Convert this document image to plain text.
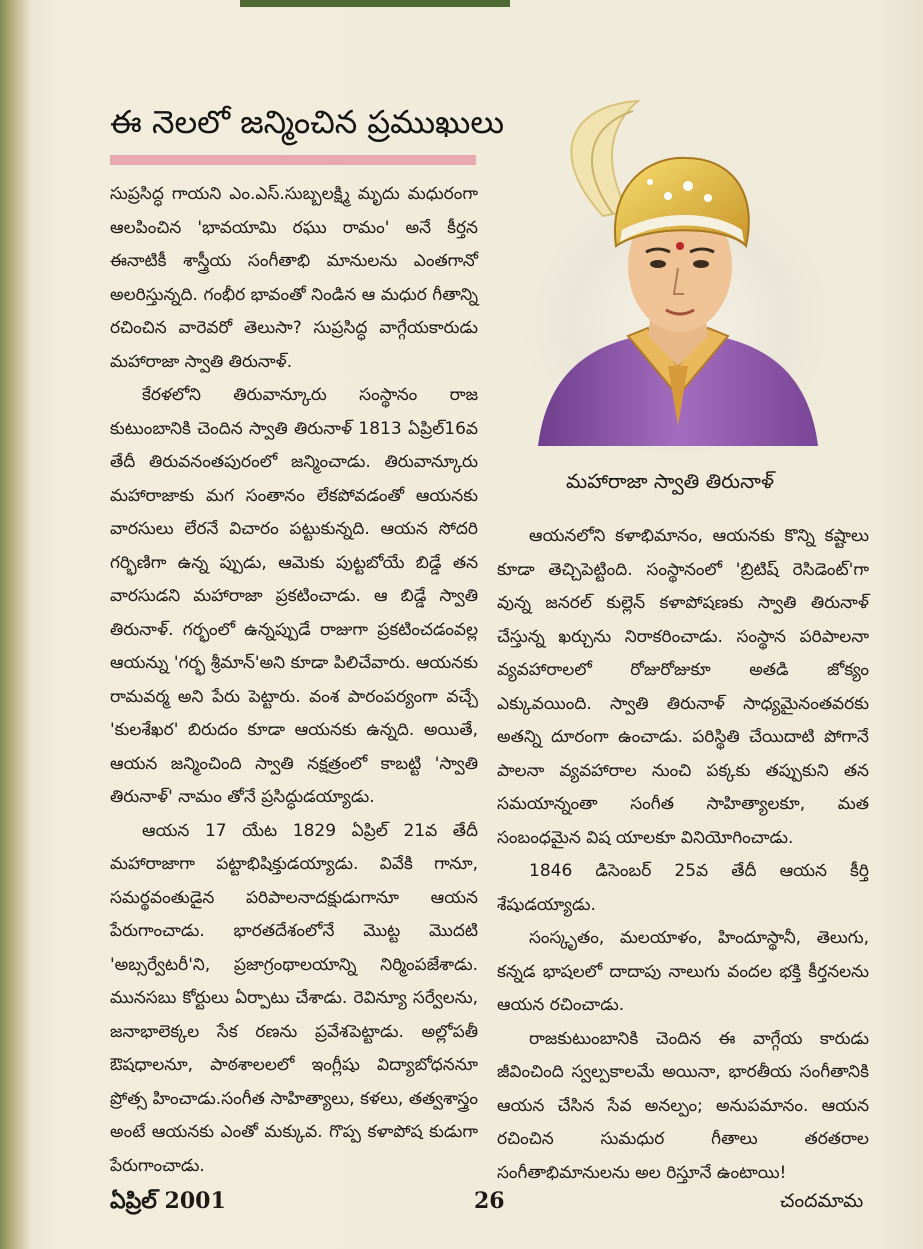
ఈ నెలలో జన్మించిన ప్రముఖులు

సుప్రసిద్ధ గాయని ఎం.ఎస్.సుబ్బలక్ష్మి మృదు మధురంగా ఆలపించిన 'భావయామి రఘు రామం' అనే కీర్తన ఈనాటికీ శాస్త్రీయ సంగీతాభి మానులను ఎంతగానో అలరిస్తున్నది. గంభీర భావంతో నిండిన ఆ మధుర గీతాన్ని రచించిన వారెవరో తెలుసా? సుప్రసిద్ధ వాగ్గేయకారుడు మహారాజా స్వాతి తిరునాళ్.

కేరళలోని తిరువాన్కూరు సంస్థానం రాజ కుటుంబానికి చెందిన స్వాతి తిరునాళ్ 1813 ఏప్రిల్16వ తేదీ తిరువనంతపురంలో జన్మించాడు. తిరువాన్కూరు మహారాజాకు మగ సంతానం లేకపోవడంతో ఆయనకు వారసులు లేరనే విచారం పట్టుకున్నది. ఆయన సోదరి గర్భిణిగా ఉన్న ప్పుడు, ఆమెకు పుట్టబోయే బిడ్డే తన వారసుడని మహారాజా ప్రకటించాడు. ఆ బిడ్డే స్వాతి తిరునాళ్. గర్భంలో ఉన్నప్పుడే రాజుగా ప్రకటించడంవల్ల ఆయన్ను 'గర్భ శ్రీమాన్'అని కూడా పిలిచేవారు. ఆయనకు రామవర్మ అని పేరు పెట్టారు. వంశ పారంపర్యంగా వచ్చే 'కులశేఖర' బిరుదం కూడా ఆయనకు ఉన్నది. అయితే, ఆయన జన్మించింది స్వాతి నక్షత్రంలో కాబట్టి 'స్వాతి తిరునాళ్' నామం తోనే ప్రసిద్ధుడయ్యాడు.

ఆయన 17 యేట 1829 ఏప్రిల్ 21వ తేదీ మహారాజాగా పట్టాభిషిక్తుడయ్యాడు. వివేకి గానూ, సమర్థవంతుడైన పరిపాలనాదక్షుడుగానూ ఆయన పేరుగాంచాడు. భారతదేశంలోనే మొట్ట మొదటి 'అబ్సర్వేటరీ'ని, ప్రజాగ్రంథాలయాన్ని నిర్మింపజేశాడు. మునసబు కోర్టులు ఏర్పాటు చేశాడు. రెవిన్యూ సర్వేలను, జనాభాలెక్కల సేక రణను ప్రవేశపెట్టాడు. అల్లోపతీ ఔషధాలనూ, పాఠశాలలలో ఇంగ్లీషు విద్యాబోధననూ ప్రోత్స హించాడు.సంగీత సాహిత్యాలు, కళలు, తత్వశాస్త్రం అంటే ఆయనకు ఎంతో మక్కువ. గొప్ప కళాపోష కుడుగా పేరుగాంచాడు.

మహారాజా స్వాతి తిరునాళ్

ఆయనలోని కళాభిమానం, ఆయనకు కొన్ని కష్టాలు కూడా తెచ్చిపెట్టింది. సంస్థానంలో 'బ్రిటిష్ రెసిడెంట్'గా వున్న జనరల్ కుల్లెన్ కళాపోషణకు స్వాతి తిరునాళ్ చేస్తున్న ఖర్చును నిరాకరించాడు. సంస్థాన పరిపాలనా వ్యవహారాలలో రోజురోజుకూ అతడి జోక్యం ఎక్కువయింది. స్వాతి తిరునాళ్ సాధ్యమైనంతవరకు అతన్ని దూరంగా ఉంచాడు. పరిస్థితి చేయిదాటి పోగానే పాలనా వ్యవహారాల నుంచి పక్కకు తప్పుకుని తన సమయాన్నంతా సంగీత సాహిత్యాలకూ, మత సంబంధమైన విష యాలకూ వినియోగించాడు.

1846 డిసెంబర్ 25వ తేదీ ఆయన కీర్తి శేషుడయ్యాడు.

సంస్కృతం, మలయాళం, హిందూస్థానీ, తెలుగు, కన్నడ భాషలలో దాదాపు నాలుగు వందల భక్తి కీర్తనలను ఆయన రచించాడు.

రాజకుటుంబానికి చెందిన ఈ వాగ్గేయ కారుడు జీవించింది స్వల్పకాలమే అయినా, భారతీయ సంగీతానికి ఆయన చేసిన సేవ అనల్పం; అనుపమానం. ఆయన రచించిన సుమధుర గీతాలు తరతరాల సంగీతాభిమానులను అల రిస్తూనే ఉంటాయి!

ఏప్రిల్ 2001	26	చందమామ
